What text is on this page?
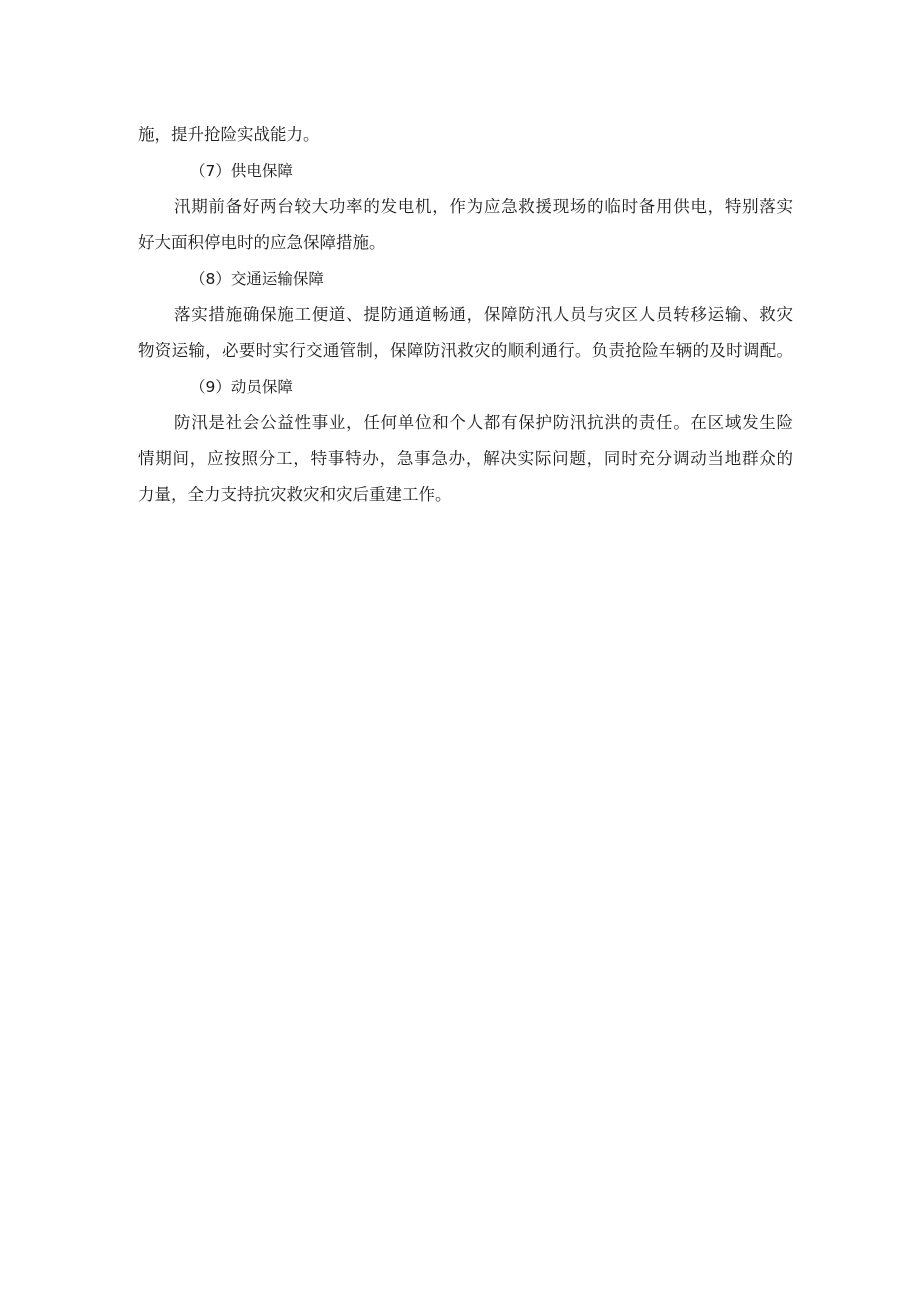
施，提升抢险实战能力。
（7）供电保障
汛期前备好两台较大功率的发电机，作为应急救援现场的临时备用供电，特别落实
好大面积停电时的应急保障措施。
（8）交通运输保障
落实措施确保施工便道、提防通道畅通，保障防汛人员与灾区人员转移运输、救灾
物资运输，必要时实行交通管制，保障防汛救灾的顺利通行。负责抢险车辆的及时调配。
（9）动员保障
防汛是社会公益性事业，任何单位和个人都有保护防汛抗洪的责任。在区域发生险
情期间，应按照分工，特事特办，急事急办，解决实际问题，同时充分调动当地群众的
力量，全力支持抗灾救灾和灾后重建工作。
